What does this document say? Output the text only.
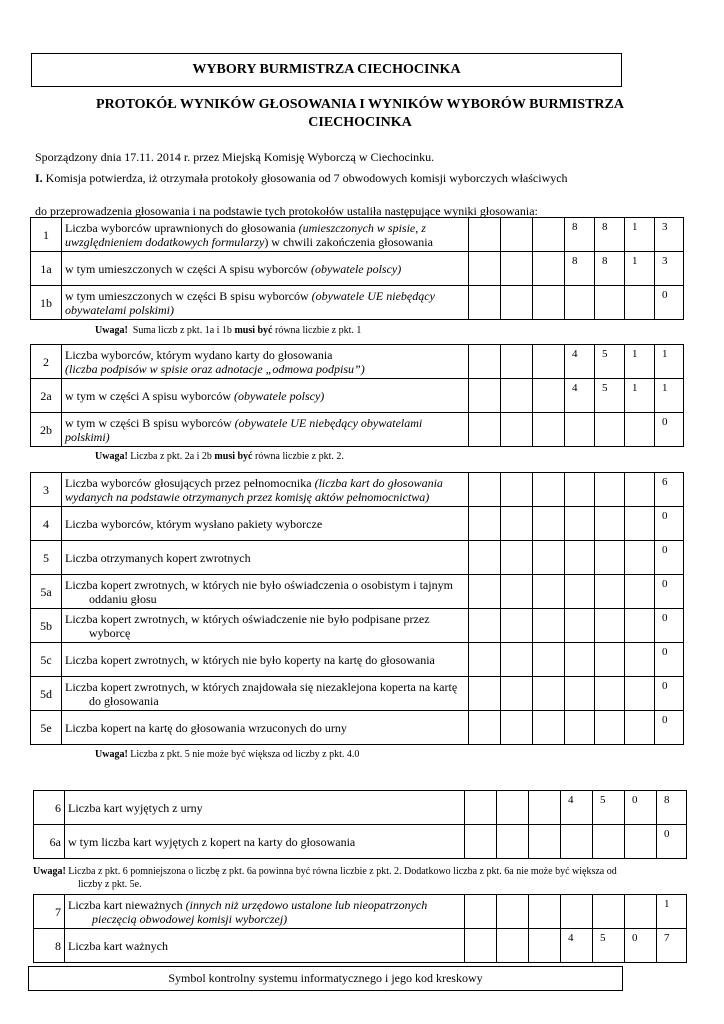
WYBORY BURMISTRZA CIECHOCINKA
PROTOKÓŁ WYNIKÓW GŁOSOWANIA I WYNIKÓW WYBORÓW BURMISTRZA
CIECHOCINKA
Sporządzony dnia 17.11. 2014 r. przez Miejską Komisję Wyborczą w Ciechocinku.
I. Komisja potwierdza, iż otrzymała protokoły głosowania od 7 obwodowych komisji wyborczych właściwych
do przeprowadzenia głosowania i na podstawie tych protokołów ustaliła następujące wyniki głosowania:
1	Liczba wyborców uprawnionych do głosowania (umieszczonych w spisie, z uwzględnieniem dodatkowych formularzy) w chwili zakończenia głosowania				8	8	1	3

1a	w tym umieszczonych w części A spisu wyborców (obywatele polscy)				8	8	1	3

1b	w tym umieszczonych w części B spisu wyborców (obywatele UE niebędący obywatelami polskimi)							0
Uwaga! Suma liczb z pkt. 1a i 1b musi być równa liczbie z pkt. 1
2	Liczba wyborców, którym wydano karty do głosowania
(liczba podpisów w spisie oraz adnotacje „odmowa podpisu”)				4	5	1	1

2a	w tym w części A spisu wyborców (obywatele polscy)				4	5	1	1

2b	w tym w części B spisu wyborców (obywatele UE niebędący obywatelami polskimi)							0
Uwaga! Liczba z pkt. 2a i 2b musi być równa liczbie z pkt. 2.
3	Liczba wyborców głosujących przez pełnomocnika (liczba kart do głosowania wydanych na podstawie otrzymanych przez komisję aktów pełnomocnictwa)							6

4	Liczba wyborców, którym wysłano pakiety wyborcze							0

5	Liczba otrzymanych kopert zwrotnych							0

5a	Liczba kopert zwrotnych, w których nie było oświadczenia o osobistym i tajnym
oddaniu głosu							0

5b	Liczba kopert zwrotnych, w których oświadczenie nie było podpisane przez
wyborcę							0

5c	Liczba kopert zwrotnych, w których nie było koperty na kartę do głosowania							0

5d	Liczba kopert zwrotnych, w których znajdowała się niezaklejona koperta na kartę
do głosowania							0

5e	Liczba kopert na kartę do głosowania wrzuconych do urny							0
Uwaga! Liczba z pkt. 5 nie może być większa od liczby z pkt. 4.0
6	Liczba kart wyjętych z urny				4	5	0	8

6a	w tym liczba kart wyjętych z kopert na karty do głosowania							0
Uwaga! Liczba z pkt. 6 pomniejszona o liczbę z pkt. 6a powinna być równa liczbie z pkt. 2. Dodatkowo liczba z pkt. 6a nie może być większa od
liczby z pkt. 5e.
7	Liczba kart nieważnych (innych niż urzędowo ustalone lub nieopatrzonych
pieczęcią obwodowej komisji wyborczej)							1

8	Liczba kart ważnych				4	5	0	7
Symbol kontrolny systemu informatycznego i jego kod kreskowy
